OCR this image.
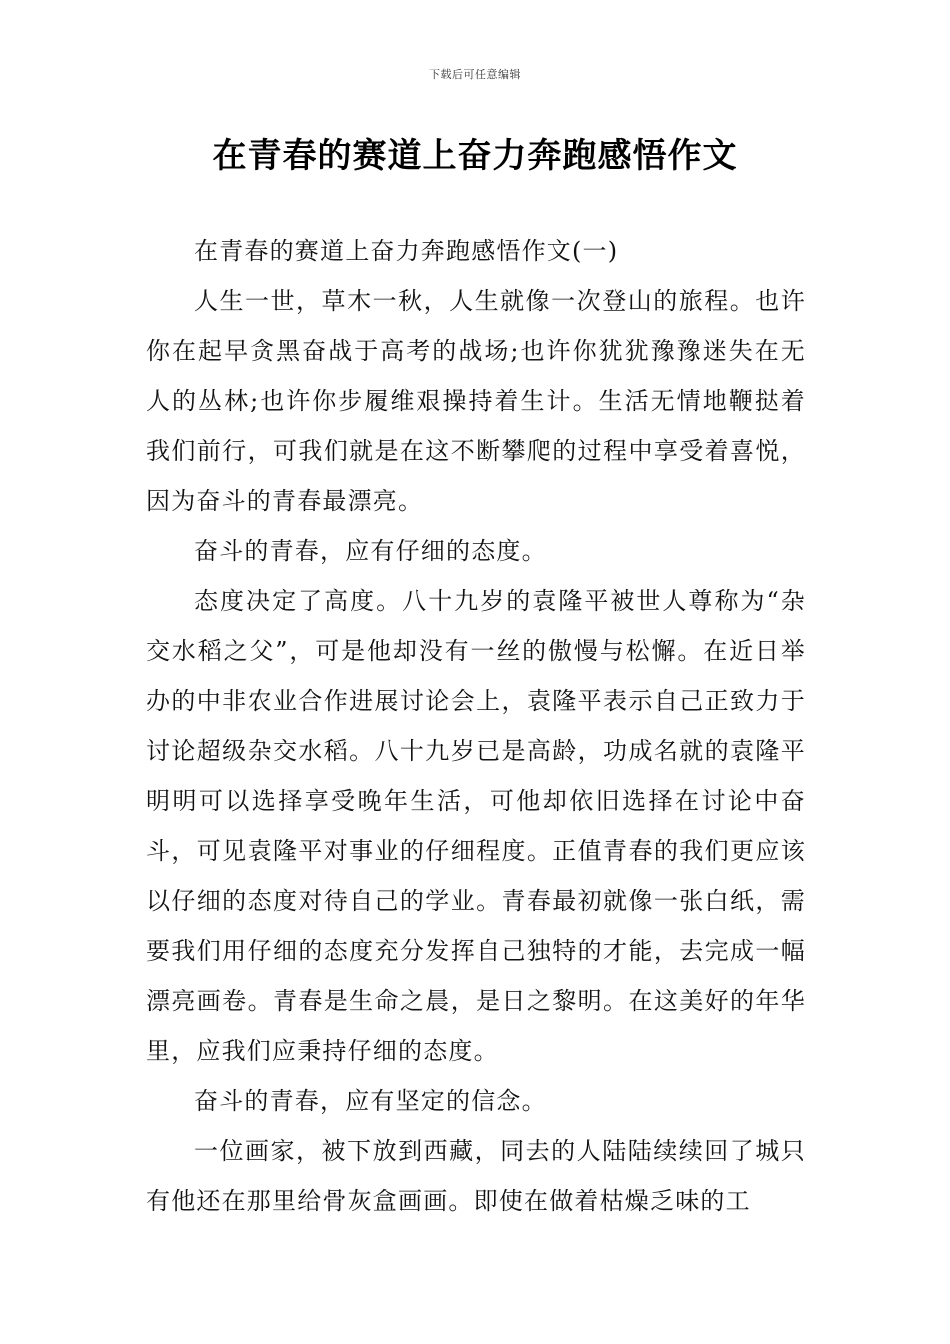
下载后可任意编辑
在青春的赛道上奋力奔跑感悟作文

在青春的赛道上奋力奔跑感悟作文(一)

人生一世，草木一秋，人生就像一次登山的旅程。也许你在起早贪黑奋战于高考的战场;也许你犹犹豫豫迷失在无人的丛林;也许你步履维艰操持着生计。生活无情地鞭挞着我们前行，可我们就是在这不断攀爬的过程中享受着喜悦，因为奋斗的青春最漂亮。

奋斗的青春，应有仔细的态度。

态度决定了高度。八十九岁的袁隆平被世人尊称为“杂交水稻之父”，可是他却没有一丝的傲慢与松懈。在近日举办的中非农业合作进展讨论会上，袁隆平表示自己正致力于讨论超级杂交水稻。八十九岁已是高龄，功成名就的袁隆平明明可以选择享受晚年生活，可他却依旧选择在讨论中奋斗，可见袁隆平对事业的仔细程度。正值青春的我们更应该以仔细的态度对待自己的学业。青春最初就像一张白纸，需要我们用仔细的态度充分发挥自己独特的才能，去完成一幅漂亮画卷。青春是生命之晨，是日之黎明。在这美好的年华里，应我们应秉持仔细的态度。

奋斗的青春，应有坚定的信念。

一位画家，被下放到西藏，同去的人陆陆续续回了城只有他还在那里给骨灰盒画画。即使在做着枯燥乏味的工
